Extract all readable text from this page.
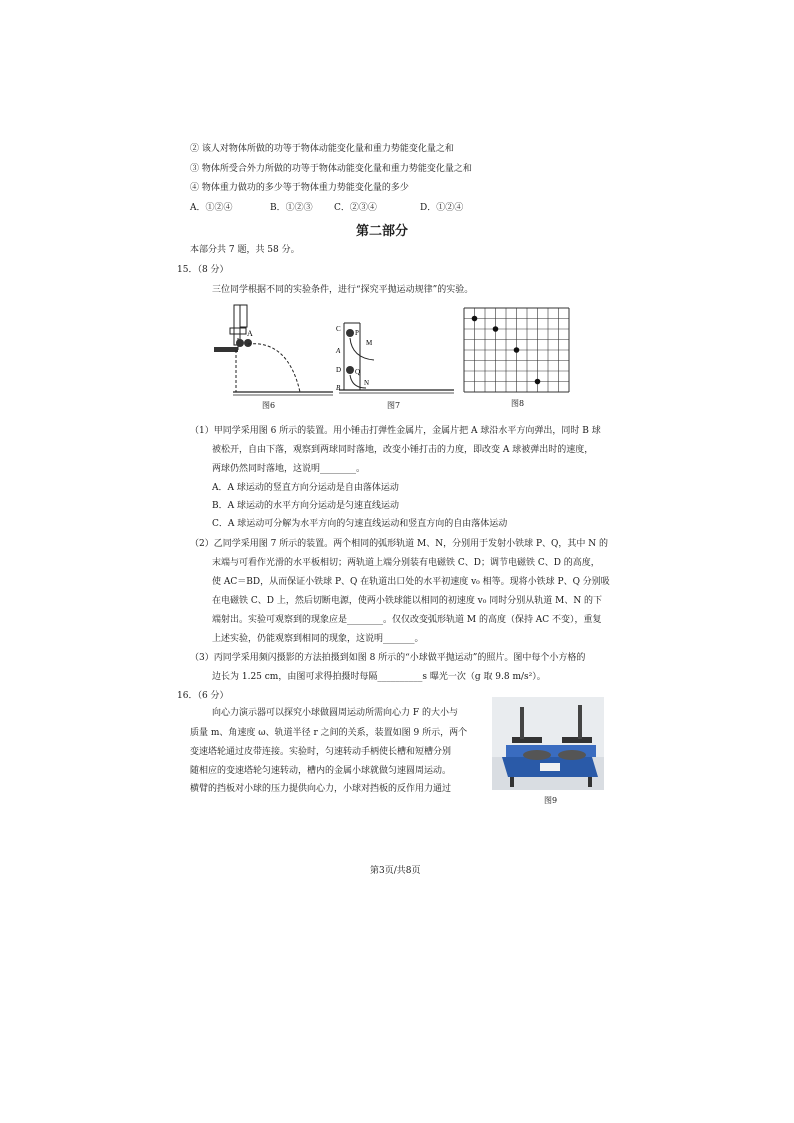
② 该人对物体所做的功等于物体动能变化量和重力势能变化量之和
③ 物体所受合外力所做的功等于物体动能变化量和重力势能变化量之和
④ 物体重力做功的多少等于物体重力势能变化量的多少
A．①②④	B．①②③ C．②③④	D．①②④
第二部分
本部分共 7 题，共 58 分。
15．（8 分）
三位同学根据不同的实验条件，进行“探究平抛运动规律”的实验。
A
图6
C P
M
A
D Q
N
B
图7	图8
（1）甲同学采用图 6 所示的装置。用小锤击打弹性金属片，金属片把 A 球沿水平方向弹出，同时 B 球
被松开，自由下落，观察到两球同时落地，改变小锤打击的力度，即改变 A 球被弹出时的速度，
两球仍然同时落地，这说明________。
A．A 球运动的竖直方向分运动是自由落体运动
B．A 球运动的水平方向分运动是匀速直线运动
C．A 球运动可分解为水平方向的匀速直线运动和竖直方向的自由落体运动
（2）乙同学采用图 7 所示的装置。两个相同的弧形轨道 M、N，分别用于发射小铁球 P、Q，其中 N 的
末端与可看作光滑的水平板相切；两轨道上端分别装有电磁铁 C、D；调节电磁铁 C、D 的高度，
使 AC＝BD，从而保证小铁球 P、Q 在轨道出口处的水平初速度 v₀ 相等。现将小铁球 P、Q 分别吸
在电磁铁 C、D 上，然后切断电源，使两小铁球能以相同的初速度 v₀ 同时分别从轨道 M、N 的下
端射出。实验可观察到的现象应是________。仅仅改变弧形轨道 M 的高度（保持 AC 不变），重复
上述实验，仍能观察到相同的现象，这说明_______。
（3）丙同学采用频闪摄影的方法拍摄到如图 8 所示的“小球做平抛运动”的照片。图中每个小方格的
边长为 1.25 cm，由图可求得拍摄时每隔__________s 曝光一次（g 取 9.8 m/s²）。
16．（6 分）
向心力演示器可以探究小球做圆周运动所需向心力 F 的大小与
质量 m、角速度 ω、轨道半径 r 之间的关系，装置如图 9 所示，两个
变速塔轮通过皮带连接。实验时，匀速转动手柄使长槽和短槽分别
随相应的变速塔轮匀速转动，槽内的金属小球就做匀速圆周运动。
横臂的挡板对小球的压力提供向心力，小球对挡板的反作用力通过
图9
第3页/共8页
